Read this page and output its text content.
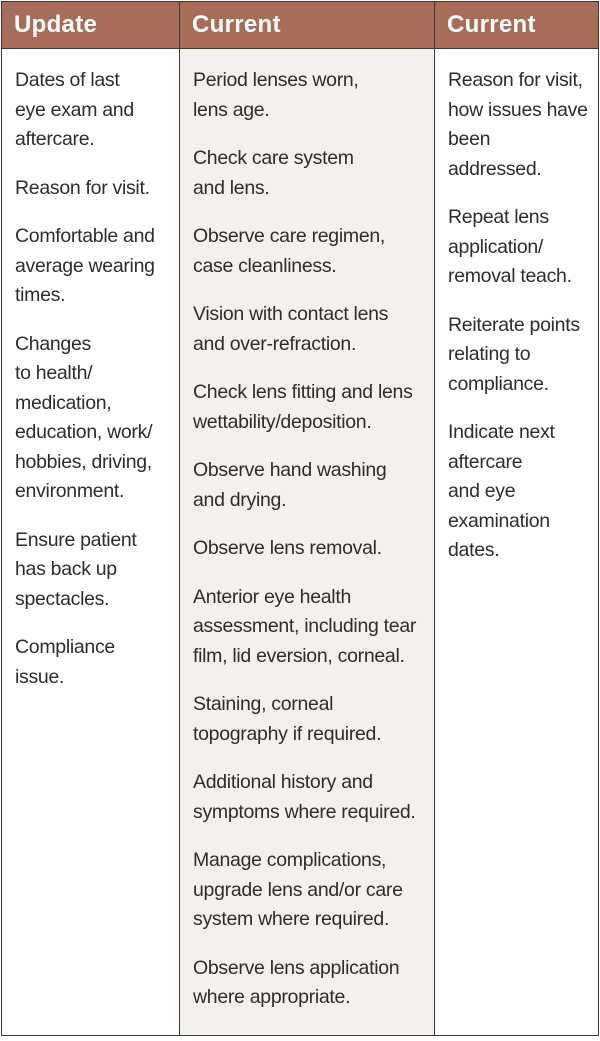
Update
Dates of last
eye exam and
aftercare.
Reason for visit.
Comfortable and
average wearing
times.
Changes
to health/
medication,
education, work/
hobbies, driving,
environment.
Ensure patient
has back up
spectacles.
Compliance
issue.
Current
Period lenses worn,
lens age.
Check care system
and lens.
Observe care regimen,
case cleanliness.
Vision with contact lens
and over-refraction.
Check lens fitting and lens
wettability/deposition.
Observe hand washing
and drying.
Observe lens removal.
Anterior eye health
assessment, including tear
film, lid eversion, corneal.
Staining, corneal
topography if required.
Additional history and
symptoms where required.
Manage complications,
upgrade lens and/or care
system where required.
Observe lens application
where appropriate.
Current
Reason for visit,
how issues have
been addressed.
Repeat lens
application/
removal teach.
Reiterate points
relating to
compliance.
Indicate next
aftercare
and eye
examination
dates.
